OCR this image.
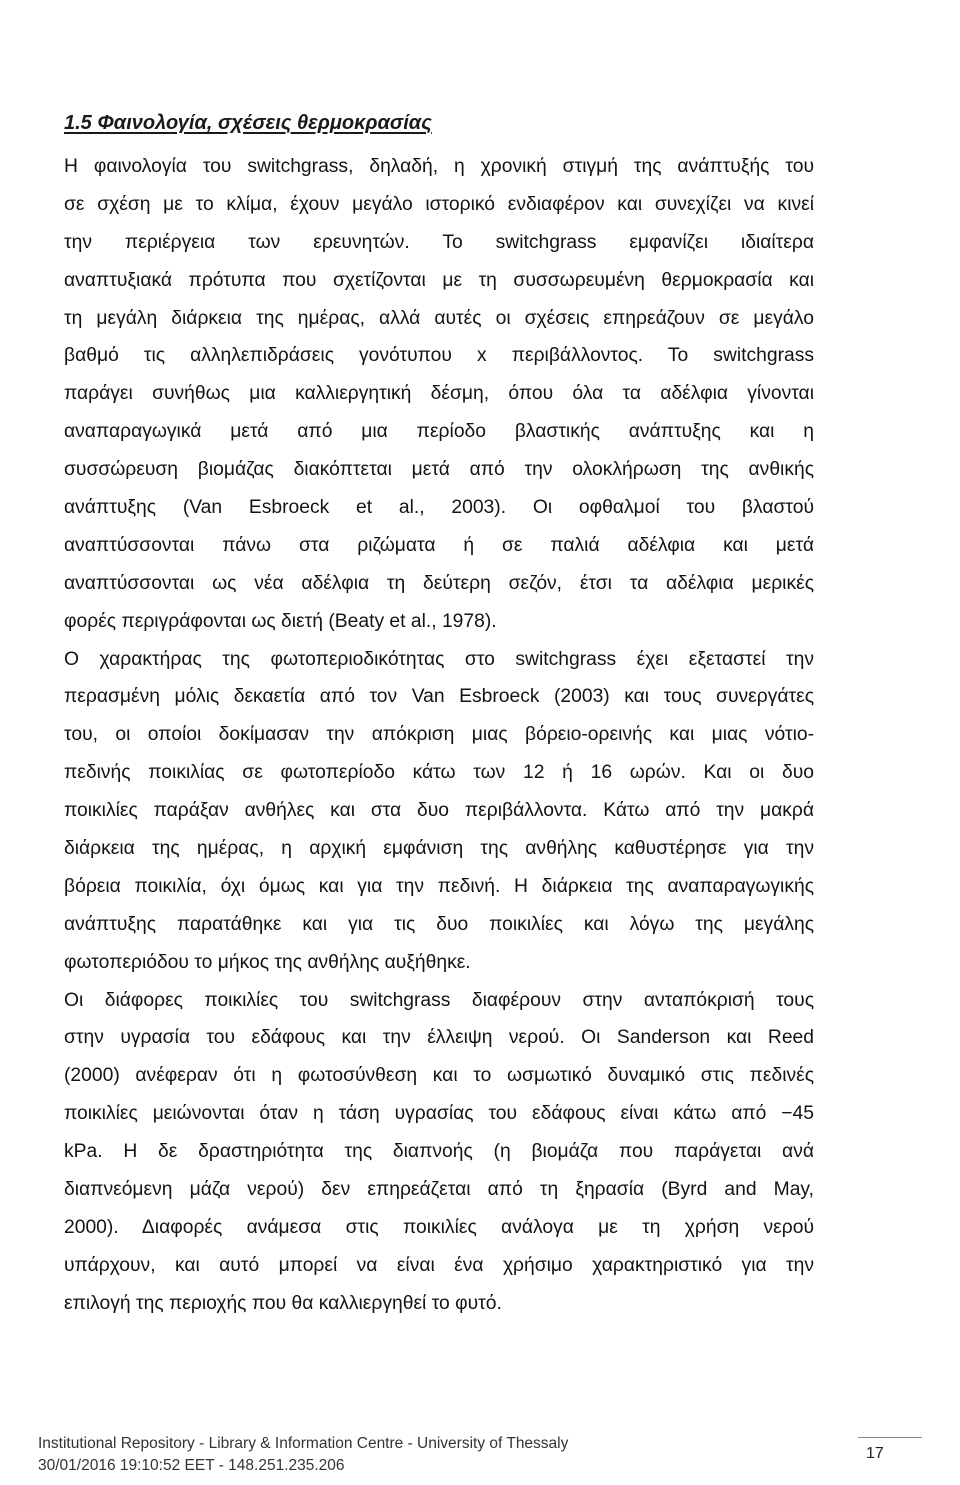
1.5 Φαινολογία, σχέσεις θερμοκρασίας
Η φαινολογία του switchgrass, δηλαδή, η χρονική στιγμή της ανάπτυξής του
σε σχέση με το κλίμα, έχουν μεγάλο ιστορικό ενδιαφέρον και συνεχίζει να κινεί
την περιέργεια των ερευνητών. Το switchgrass εμφανίζει ιδιαίτερα
αναπτυξιακά πρότυπα που σχετίζονται με τη συσσωρευμένη θερμοκρασία και
τη μεγάλη διάρκεια της ημέρας, αλλά αυτές οι σχέσεις επηρεάζουν σε μεγάλο
βαθμό τις αλληλεπιδράσεις γονότυπου x περιβάλλοντος. Το switchgrass
παράγει συνήθως μια καλλιεργητική δέσμη, όπου όλα τα αδέλφια γίνονται
αναπαραγωγικά μετά από μια περίοδο βλαστικής ανάπτυξης και η
συσσώρευση βιομάζας διακόπτεται μετά από την ολοκλήρωση της ανθικής
ανάπτυξης (Van Esbroeck et al., 2003). Οι οφθαλμοί του βλαστού
αναπτύσσονται πάνω στα ριζώματα ή σε παλιά αδέλφια και μετά
αναπτύσσονται ως νέα αδέλφια τη δεύτερη σεζόν, έτσι τα αδέλφια μερικές
φορές περιγράφονται ως διετή (Beaty et al., 1978).
Ο χαρακτήρας της φωτοπεριοδικότητας στο switchgrass έχει εξεταστεί την
περασμένη μόλις δεκαετία από τον Van Esbroeck (2003) και τους συνεργάτες
του, οι οποίοι δοκίμασαν την απόκριση μιας βόρειο-ορεινής και μιας νότιο-
πεδινής ποικιλίας σε φωτοπερίοδο κάτω των 12 ή 16 ωρών. Και οι δυο
ποικιλίες παράξαν ανθήλες και στα δυο περιβάλλοντα. Κάτω από την μακρά
διάρκεια της ημέρας, η αρχική εμφάνιση της ανθήλης καθυστέρησε για την
βόρεια ποικιλία, όχι όμως και για την πεδινή. Η διάρκεια της αναπαραγωγικής
ανάπτυξης παρατάθηκε και για τις δυο ποικιλίες και λόγω της μεγάλης
φωτοπεριόδου το μήκος της ανθήλης αυξήθηκε.
Οι διάφορες ποικιλίες του switchgrass διαφέρουν στην ανταπόκρισή τους
στην υγρασία του εδάφους και την έλλειψη νερού. Οι Sanderson και Reed
(2000) ανέφεραν ότι η φωτοσύνθεση και το ωσμωτικό δυναμικό στις πεδινές
ποικιλίες μειώνονται όταν η τάση υγρασίας του εδάφους είναι κάτω από −45
kPa. Η δε δραστηριότητα της διαπνοής (η βιομάζα που παράγεται ανά
διαπνεόμενη μάζα νερού) δεν επηρεάζεται από τη ξηρασία (Byrd and May,
2000). Διαφορές ανάμεσα στις ποικιλίες ανάλογα με τη χρήση νερού
υπάρχουν, και αυτό μπορεί να είναι ένα χρήσιμο χαρακτηριστικό για την
επιλογή της περιοχής που θα καλλιεργηθεί το φυτό.
Institutional Repository - Library & Information Centre - University of Thessaly
30/01/2016 19:10:52 EET - 148.251.235.206
17
